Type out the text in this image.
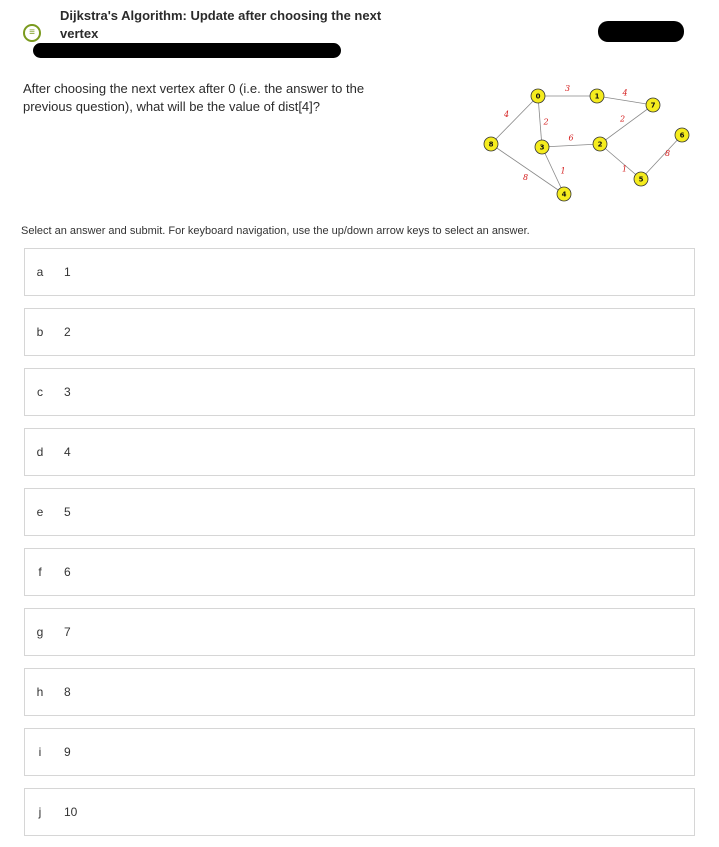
≡
Dijkstra's Algorithm: Update after choosing the next vertex
After choosing the next vertex after 0 (i.e. the answer to the previous question), what will be the value of dist[4]?
4
3
2
8
1
6
4
2
1
8
0	1
2
3
4
5
6
7
8
Select an answer and submit. For keyboard navigation, use the up/down arrow keys to select an answer.
a	1
b	2
c	3
d	4
e	5
f	6
g	7
h	8
i	9
j	10
